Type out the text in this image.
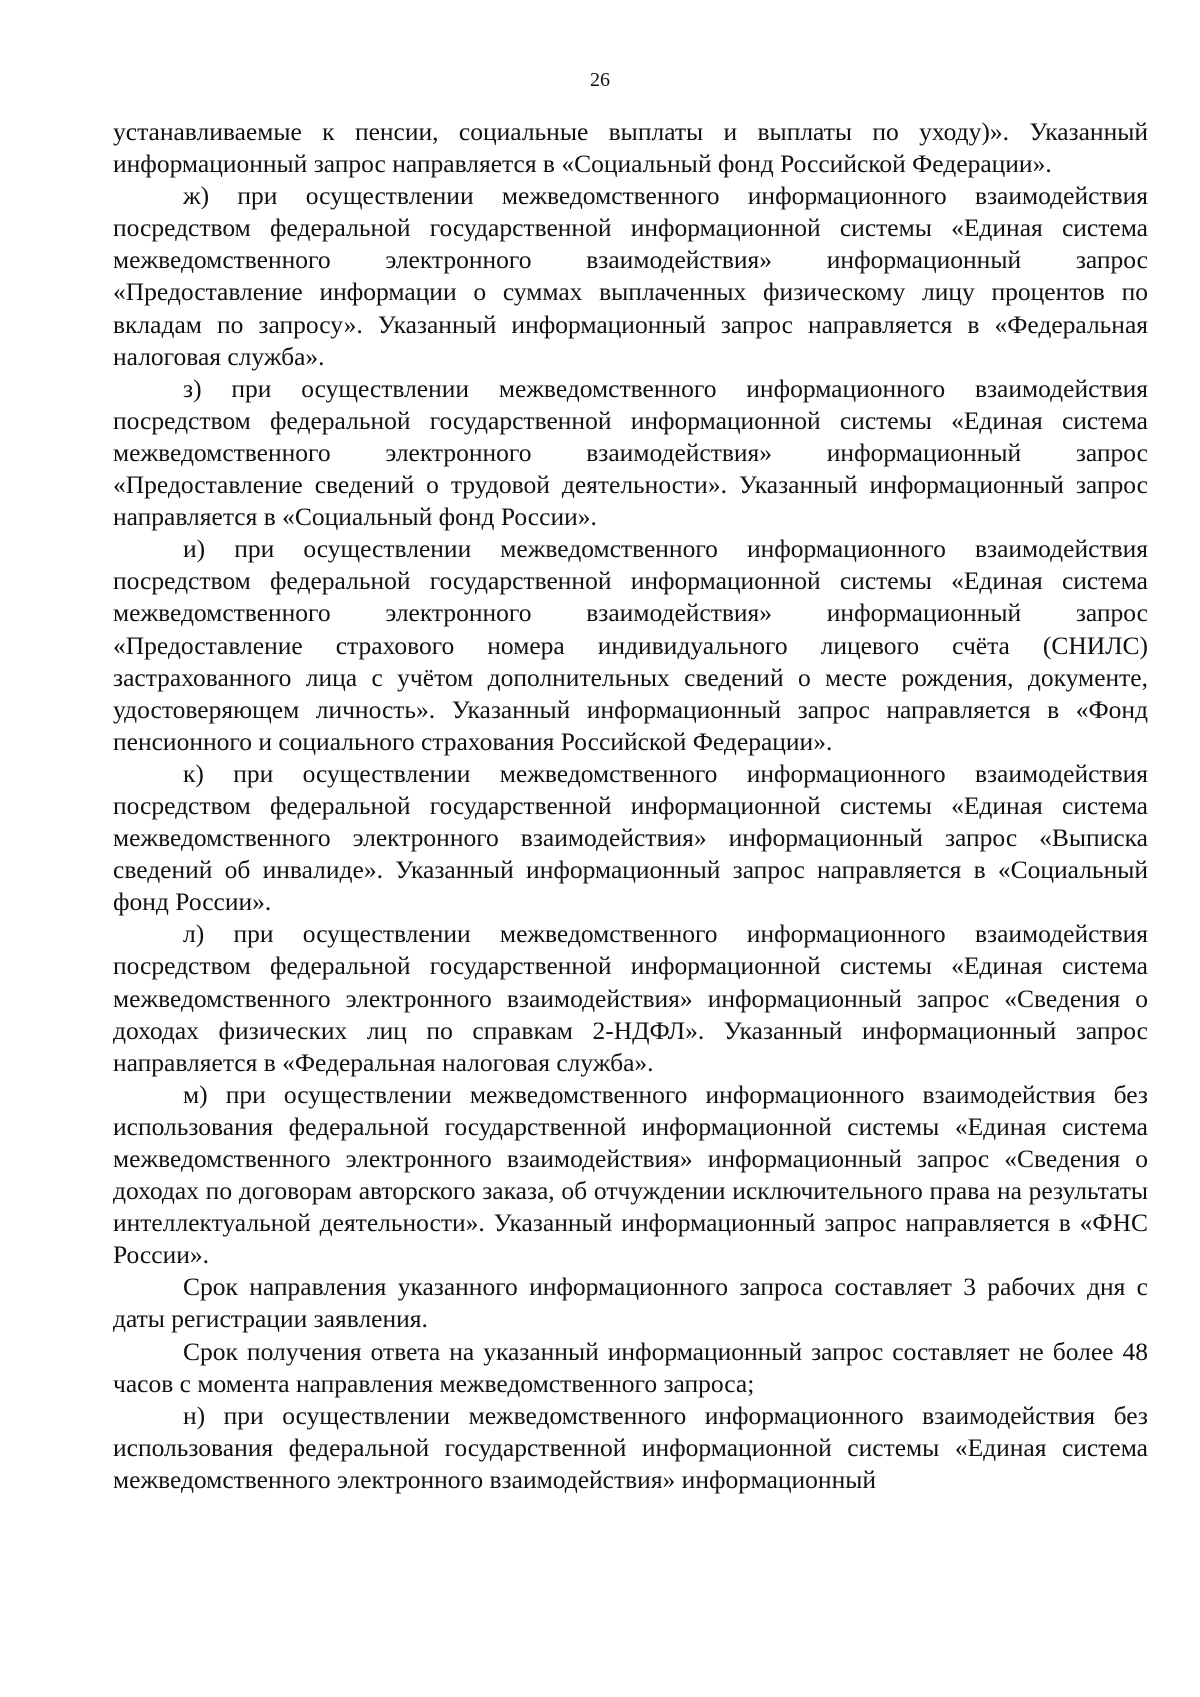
26

устанавливаемые к пенсии, социальные выплаты и выплаты по уходу)». Указанный информационный запрос направляется в «Социальный фонд Российской Федерации».

ж) при осуществлении межведомственного информационного взаимодействия посредством федеральной государственной информационной системы «Единая система межведомственного электронного взаимодействия» информационный запрос «Предоставление информации о суммах выплаченных физическому лицу процентов по вкладам по запросу». Указанный информационный запрос направляется в «Федеральная налоговая служба».

з) при осуществлении межведомственного информационного взаимодействия посредством федеральной государственной информационной системы «Единая система межведомственного электронного взаимодействия» информационный запрос «Предоставление сведений о трудовой деятельности». Указанный информационный запрос направляется в «Социальный фонд России».

и) при осуществлении межведомственного информационного взаимодействия посредством федеральной государственной информационной системы «Единая система межведомственного электронного взаимодействия» информационный запрос «Предоставление страхового номера индивидуального лицевого счёта (СНИЛС) застрахованного лица с учётом дополнительных сведений о месте рождения, документе, удостоверяющем личность». Указанный информационный запрос направляется в «Фонд пенсионного и социального страхования Российской Федерации».

к) при осуществлении межведомственного информационного взаимодействия посредством федеральной государственной информационной системы «Единая система межведомственного электронного взаимодействия» информационный запрос «Выписка сведений об инвалиде». Указанный информационный запрос направляется в «Социальный фонд России».

л) при осуществлении межведомственного информационного взаимодействия посредством федеральной государственной информационной системы «Единая система межведомственного электронного взаимодействия» информационный запрос «Сведения о доходах физических лиц по справкам 2-НДФЛ». Указанный информационный запрос направляется в «Федеральная налоговая служба».

м) при осуществлении межведомственного информационного взаимодействия без использования федеральной государственной информационной системы «Единая система межведомственного электронного взаимодействия» информационный запрос «Сведения о доходах по договорам авторского заказа, об отчуждении исключительного права на результаты интеллектуальной деятельности». Указанный информационный запрос направляется в «ФНС России».

Срок направления указанного информационного запроса составляет 3 рабочих дня с даты регистрации заявления.

Срок получения ответа на указанный информационный запрос составляет не более 48 часов с момента направления межведомственного запроса;

н) при осуществлении межведомственного информационного взаимодействия без использования федеральной государственной информационной системы «Единая система межведомственного электронного взаимодействия» информационный
